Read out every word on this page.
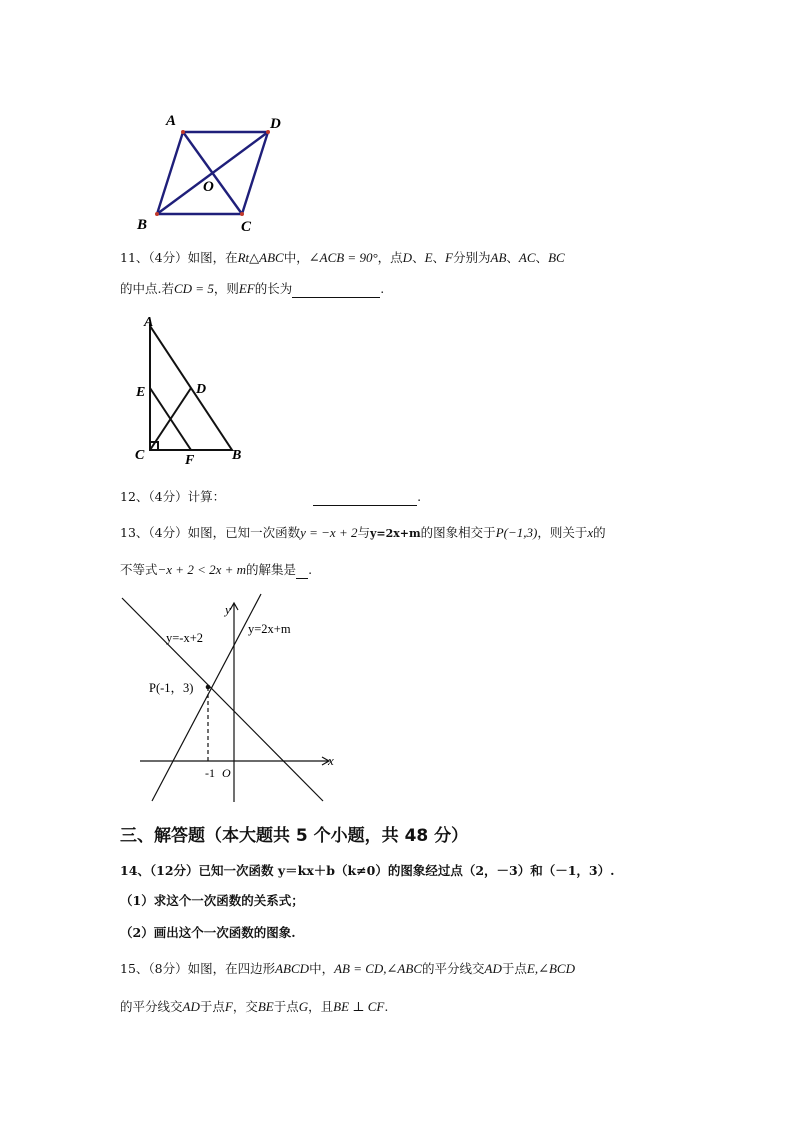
A	D
O
B	C
11、（4分）如图，在Rt△ABC中，∠ACB = 90°，点D、E、F分别为AB、AC、BC
的中点.若CD = 5，则EF的长为	.
A
E	D
C	F	B
12、（4分）计算：	.
13、（4分）如图，已知一次函数y = −x + 2与y=2x+m的图象相交于P(−1,3)，则关于x的
不等式−x + 2 < 2x + m的解集是 .
y=-x+2
y=2x+m
P(-1，3)
y
x
-1 O
三、解答题（本大题共 5 个小题，共 48 分）
14、（12分）已知一次函数 y＝kx＋b（k≠0）的图象经过点（2，－3）和（－1，3）.
（1）求这个一次函数的关系式；
（2）画出这个一次函数的图象.
15、（8分）如图，在四边形ABCD中，AB = CD,∠ABC的平分线交AD于点E,∠BCD
的平分线交AD于点F，交BE于点G，且BE ⊥ CF.
